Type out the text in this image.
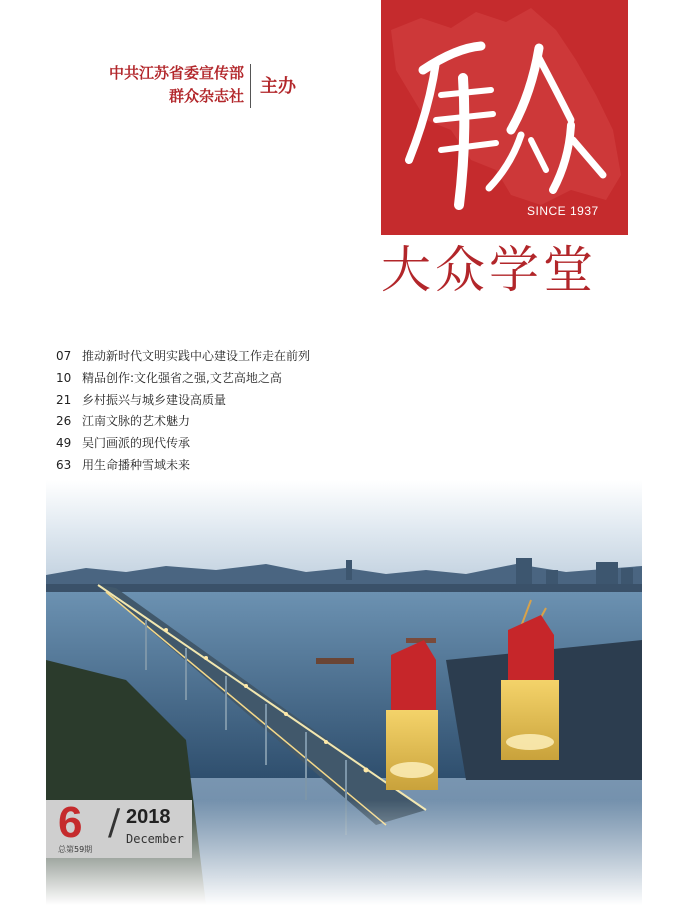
中共江苏省委宣传部
群众杂志社 主办
SINCE 1937
大众学堂
07 推动新时代文明实践中心建设工作走在前列
10 精品创作:文化强省之强,文艺高地之高
21 乡村振兴与城乡建设高质量
26 江南文脉的艺术魅力
49 吴门画派的现代传承
63 用生命播种雪域未来
6 / 2018
December
总第59期
